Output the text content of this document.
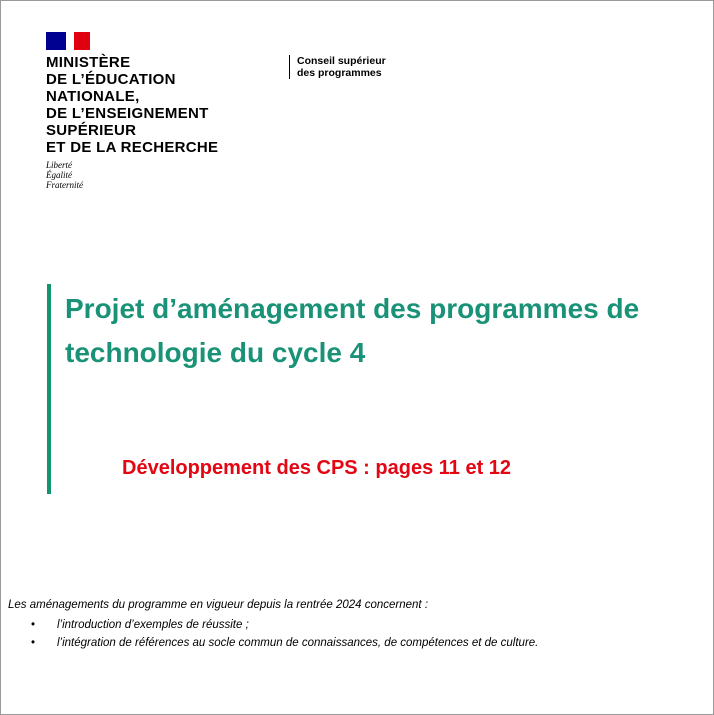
MINISTÈRE
DE L’ÉDUCATION
NATIONALE,
DE L’ENSEIGNEMENT
SUPÉRIEUR
ET DE LA RECHERCHE
Liberté
Égalité
Fraternité
Conseil supérieur
des programmes
Projet d’aménagement des programmes de technologie du cycle 4
Développement des CPS : pages 11 et 12

Les aménagements du programme en vigueur depuis la rentrée 2024 concernent :

•	l’introduction d’exemples de réussite ;
•	l’intégration de références au socle commun de connaissances, de compétences et de culture.
